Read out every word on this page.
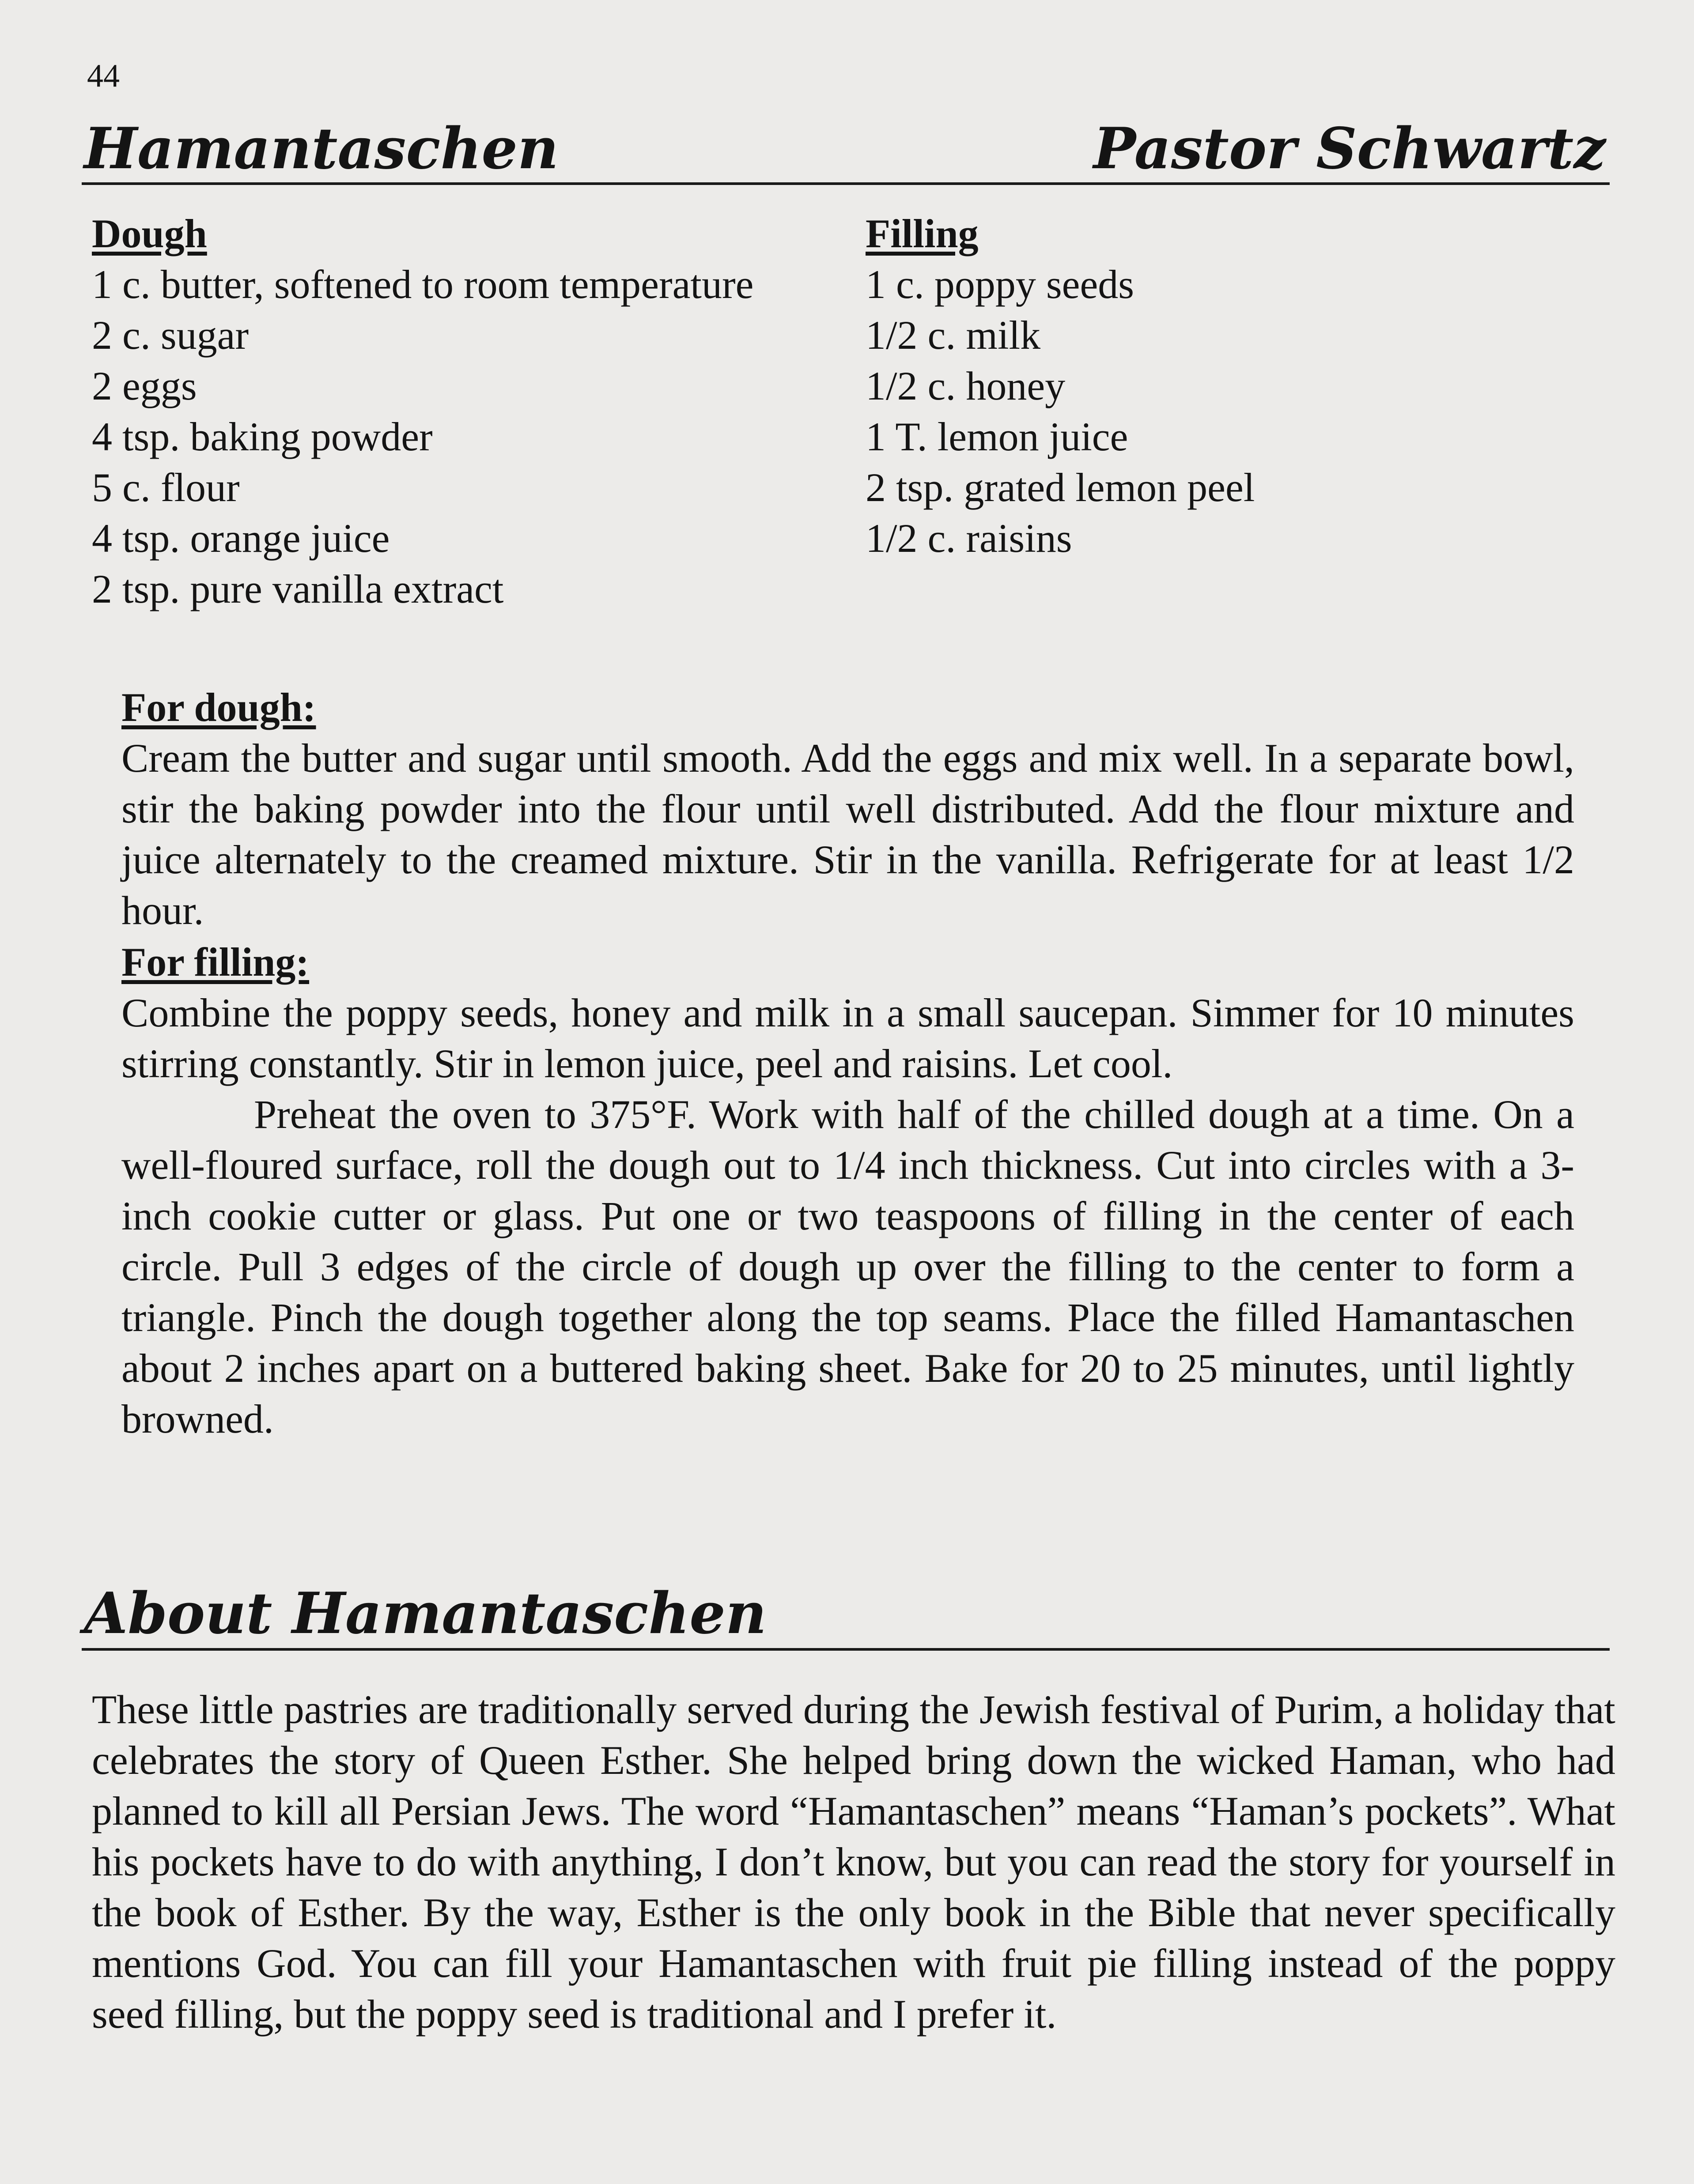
44
Hamantaschen	Pastor Schwartz
Dough
1 c. butter, softened to room temperature
2 c. sugar
2 eggs
4 tsp. baking powder
5 c. flour
4 tsp. orange juice
2 tsp. pure vanilla extract
Filling
1 c. poppy seeds
1/2 c. milk
1/2 c. honey
1 T. lemon juice
2 tsp. grated lemon peel
1/2 c. raisins
For dough:
Cream the butter and sugar until smooth. Add the eggs and mix well. In a separate bowl, stir the baking powder into the flour until well distributed. Add the flour mixture and juice alternately to the creamed mixture. Stir in the vanilla. Refrigerate for at least 1/2 hour.
For filling:
Combine the poppy seeds, honey and milk in a small saucepan. Simmer for 10 minutes stirring constantly. Stir in lemon juice, peel and raisins. Let cool.
Preheat the oven to 375°F. Work with half of the chilled dough at a time. On a well-floured surface, roll the dough out to 1/4 inch thickness. Cut into circles with a 3-inch cookie cutter or glass. Put one or two teaspoons of filling in the center of each circle. Pull 3 edges of the circle of dough up over the filling to the center to form a triangle. Pinch the dough together along the top seams. Place the filled Hamantaschen about 2 inches apart on a buttered baking sheet. Bake for 20 to 25 minutes, until lightly browned.
About Hamantaschen
These little pastries are traditionally served during the Jewish festival of Purim, a holiday that celebrates the story of Queen Esther. She helped bring down the wicked Haman, who had planned to kill all Persian Jews. The word “Hamantaschen” means “Haman’s pockets”. What his pockets have to do with anything, I don’t know, but you can read the story for yourself in the book of Esther. By the way, Esther is the only book in the Bible that never specifically mentions God. You can fill your Hamantaschen with fruit pie filling instead of the poppy seed filling, but the poppy seed is traditional and I prefer it.
